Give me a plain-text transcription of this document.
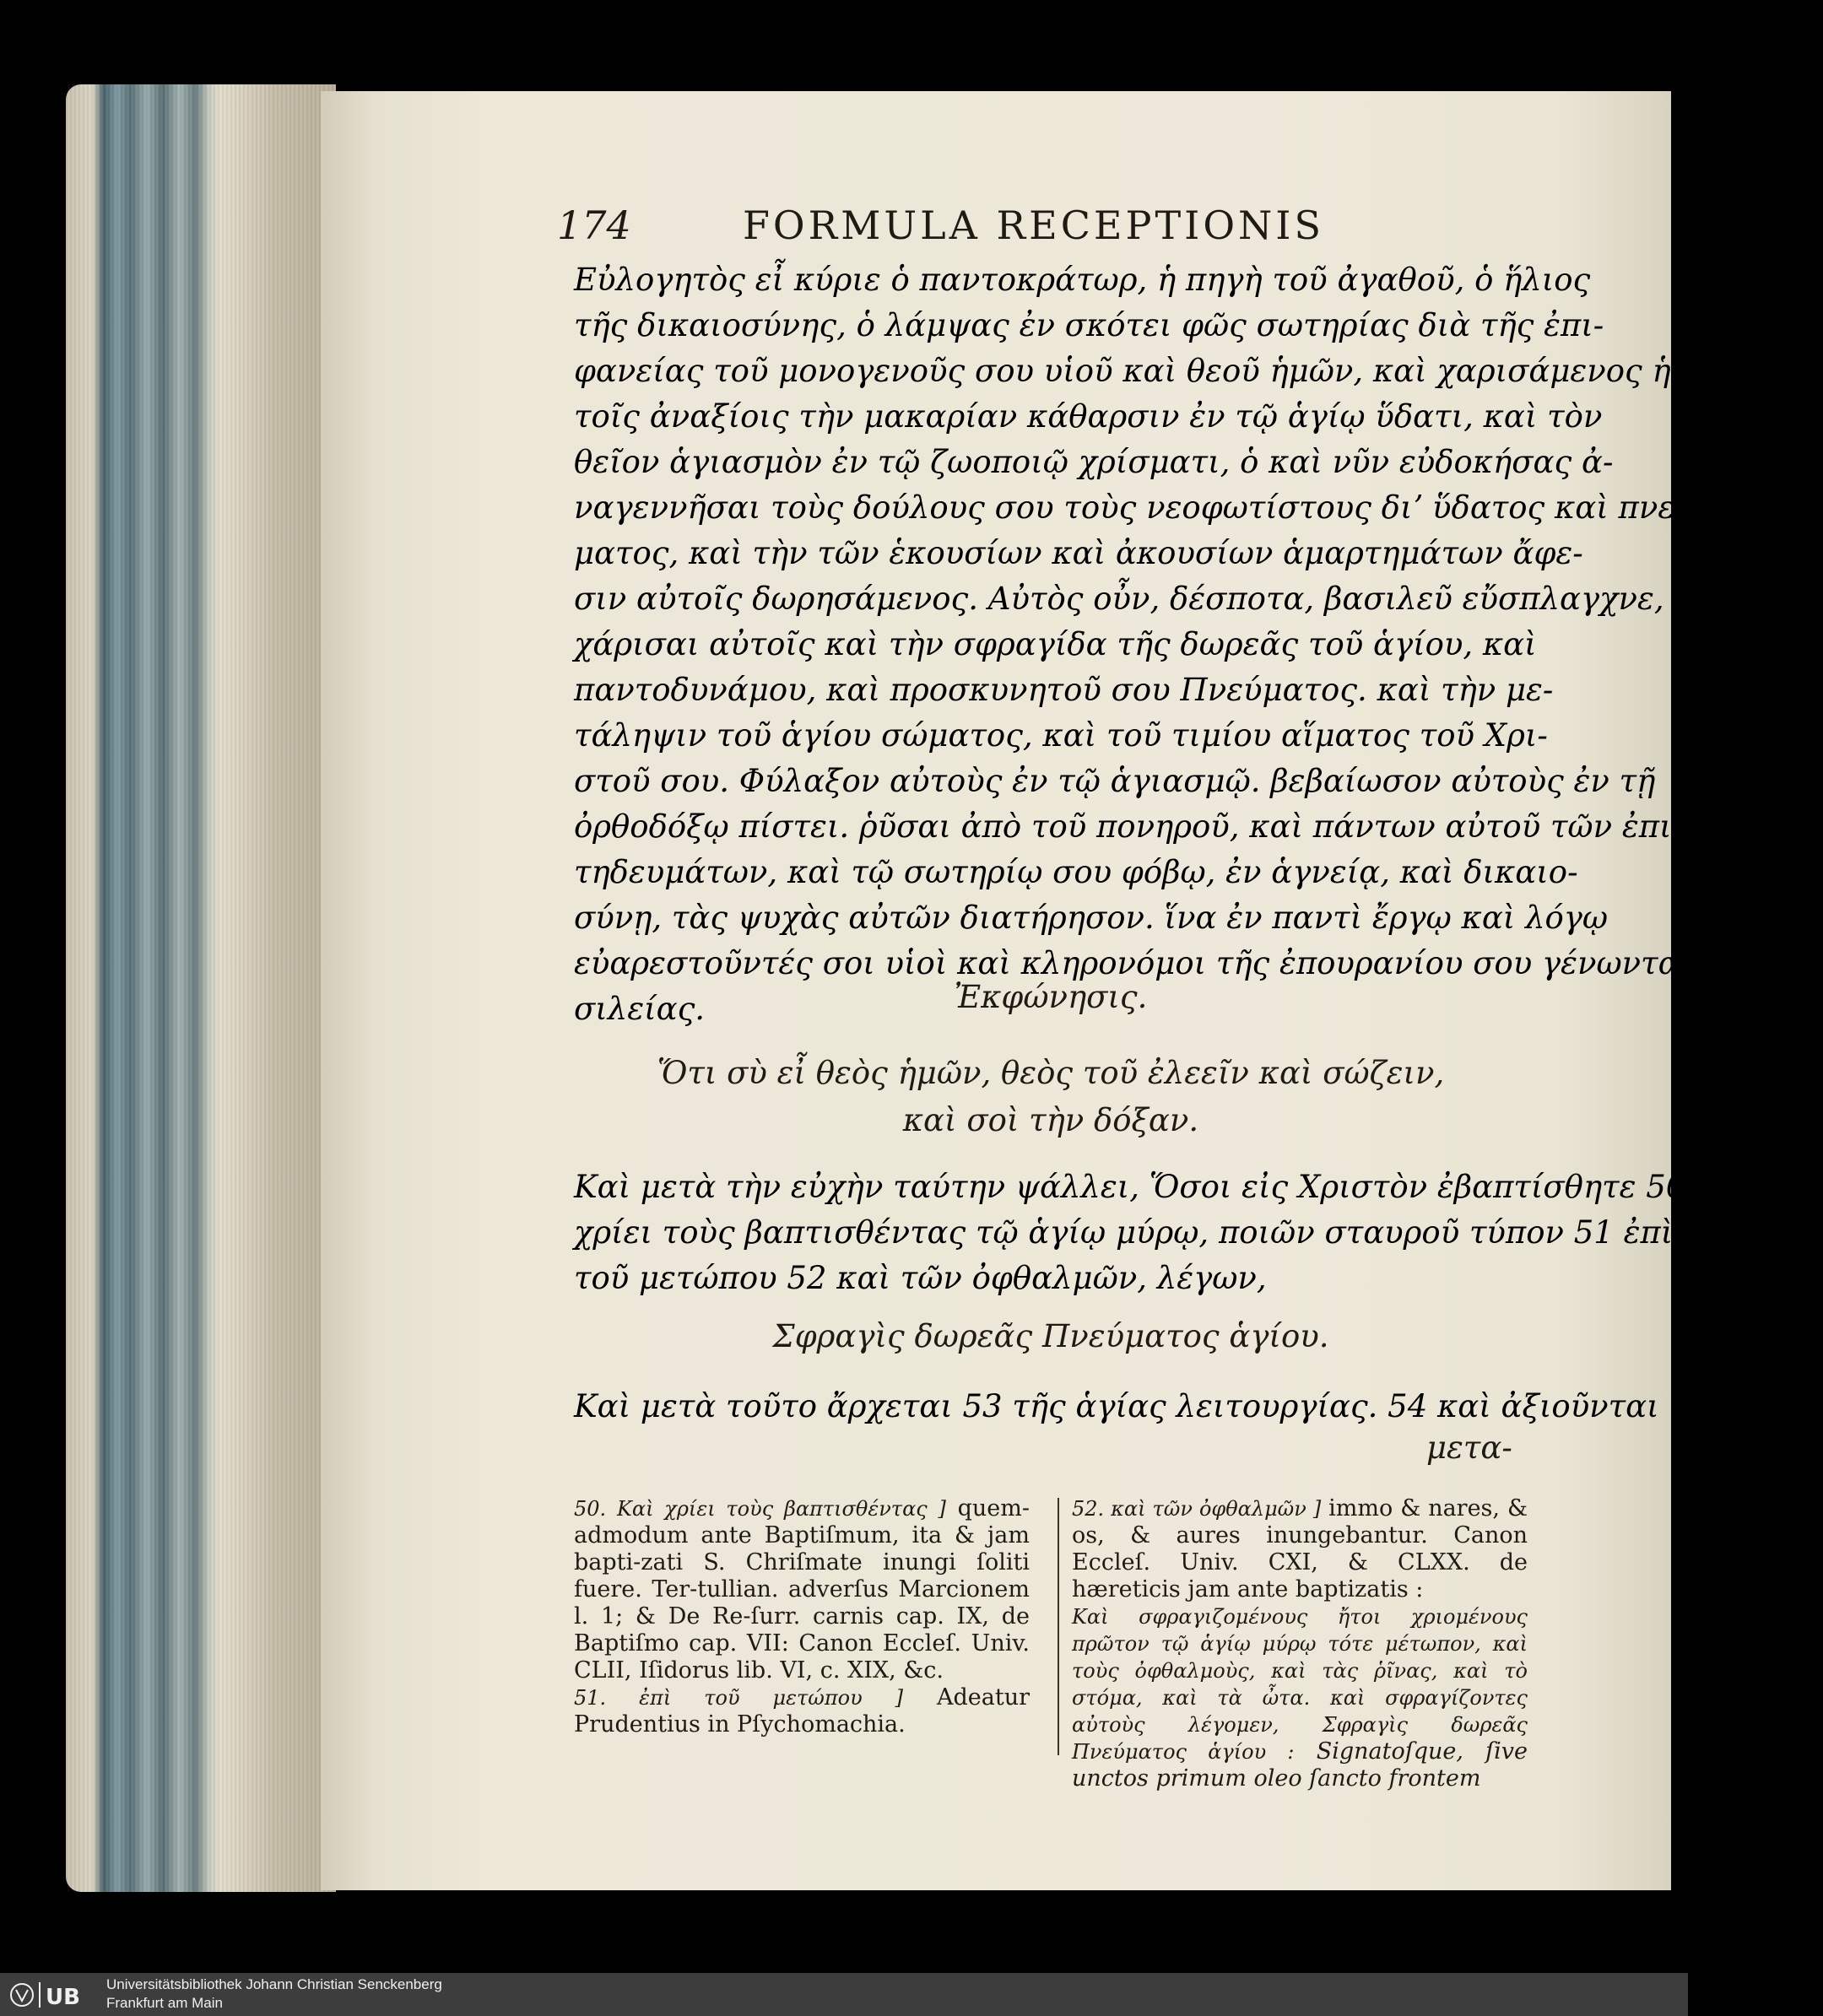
174	FORMULA RECEPTIONIS
Εὐλογητὸς εἶ κύριε ὁ παντοκράτωρ, ἡ πηγὴ τοῦ ἀγαθοῦ, ὁ ἥλιος
τῆς δικαιοσύνης, ὁ λάμψας ἐν σκότει φῶς σωτηρίας διὰ τῆς ἐπι-
φανείας τοῦ μονογενοῦς σου υἱοῦ καὶ θεοῦ ἡμῶν, καὶ χαρισάμενος ἡμῖν
τοῖς ἀναξίοις τὴν μακαρίαν κάθαρσιν ἐν τῷ ἁγίῳ ὕδατι, καὶ τὸν
θεῖον ἁγιασμὸν ἐν τῷ ζωοποιῷ χρίσματι, ὁ καὶ νῦν εὐδοκήσας ἀ-
ναγεννῆσαι τοὺς δούλους σου τοὺς νεοφωτίστους διʼ ὕδατος καὶ πνεύ-
ματος, καὶ τὴν τῶν ἑκουσίων καὶ ἀκουσίων ἁμαρτημάτων ἄφε-
σιν αὐτοῖς δωρησάμενος. Αὐτὸς οὖν, δέσποτα, βασιλεῦ εὔσπλαγχνε,
χάρισαι αὐτοῖς καὶ τὴν σφραγίδα τῆς δωρεᾶς τοῦ ἁγίου, καὶ
παντοδυνάμου, καὶ προσκυνητοῦ σου Πνεύματος. καὶ τὴν με-
τάληψιν τοῦ ἁγίου σώματος, καὶ τοῦ τιμίου αἵματος τοῦ Χρι-
στοῦ σου. Φύλαξον αὐτοὺς ἐν τῷ ἁγιασμῷ. βεβαίωσον αὐτοὺς ἐν τῇ
ὀρθοδόξῳ πίστει. ῥῦσαι ἀπὸ τοῦ πονηροῦ, καὶ πάντων αὐτοῦ τῶν ἐπι-
τηδευμάτων, καὶ τῷ σωτηρίῳ σου φόβῳ, ἐν ἁγνείᾳ, καὶ δικαιο-
σύνῃ, τὰς ψυχὰς αὐτῶν διατήρησον. ἵνα ἐν παντὶ ἔργῳ καὶ λόγῳ
εὐαρεστοῦντές σοι υἱοὶ καὶ κληρονόμοι τῆς ἐπουρανίου σου γένωνται βα-
σιλείας.	Ἐκφώνησις.
Ὅτι σὺ εἶ θεὸς ἡμῶν, θεὸς τοῦ ἐλεεῖν καὶ σώζειν,
καὶ σοὶ τὴν δόξαν.
Καὶ μετὰ τὴν εὐχὴν ταύτην ψάλλει, Ὅσοι εἰς Χριστὸν ἐβαπτίσθητε 50 καὶ
χρίει τοὺς βαπτισθέντας τῷ ἁγίῳ μύρῳ, ποιῶν σταυροῦ τύπον 51 ἐπὶ
τοῦ μετώπου 52 καὶ τῶν ὀφθαλμῶν, λέγων,
Σφραγὶς δωρεᾶς Πνεύματος ἁγίου.
Καὶ μετὰ τοῦτο ἄρχεται 53 τῆς ἁγίας λειτουργίας. 54 καὶ ἀξιοῦνται τῆς ἁγίας
μετα-

50. Καὶ χρίει τοὺς βαπτισθέντας ] quem-admodum ante Baptiſmum, ita & jam bapti-zati S. Chriſmate inungi ſoliti fuere. Ter-tullian. adverſus Marcionem l. 1; & De Re-ſurr. carnis cap. IX, de Baptiſmo cap. VII: Canon Eccleſ. Univ. CLII, Iſidorus lib. VI, c. XIX, &c.

51. ἐπὶ τοῦ μετώπου ] Adeatur Prudentius in Pſychomachia.

52. καὶ τῶν ὀφθαλμῶν ] immo & nares, & os, & aures inungebantur. Canon Eccleſ. Univ. CXI, & CLXX. de hæreticis jam ante baptizatis :

Καὶ σφραγιζομένους ἤτοι χριομένους πρῶτον τῷ ἁγίῳ μύρῳ τότε μέτωπον, καὶ τοὺς ὀφθαλμοὺς, καὶ τὰς ῥῖνας, καὶ τὸ στόμα, καὶ τὰ ὦτα. καὶ σφραγίζοντες αὐτοὺς λέγομεν, Σφραγὶς δωρεᾶς Πνεύματος ἁγίου : Signatoſque, ſive unctos primum oleo ſancto frontem

UB
Universitätsbibliothek Johann Christian Senckenberg
Frankfurt am Main
